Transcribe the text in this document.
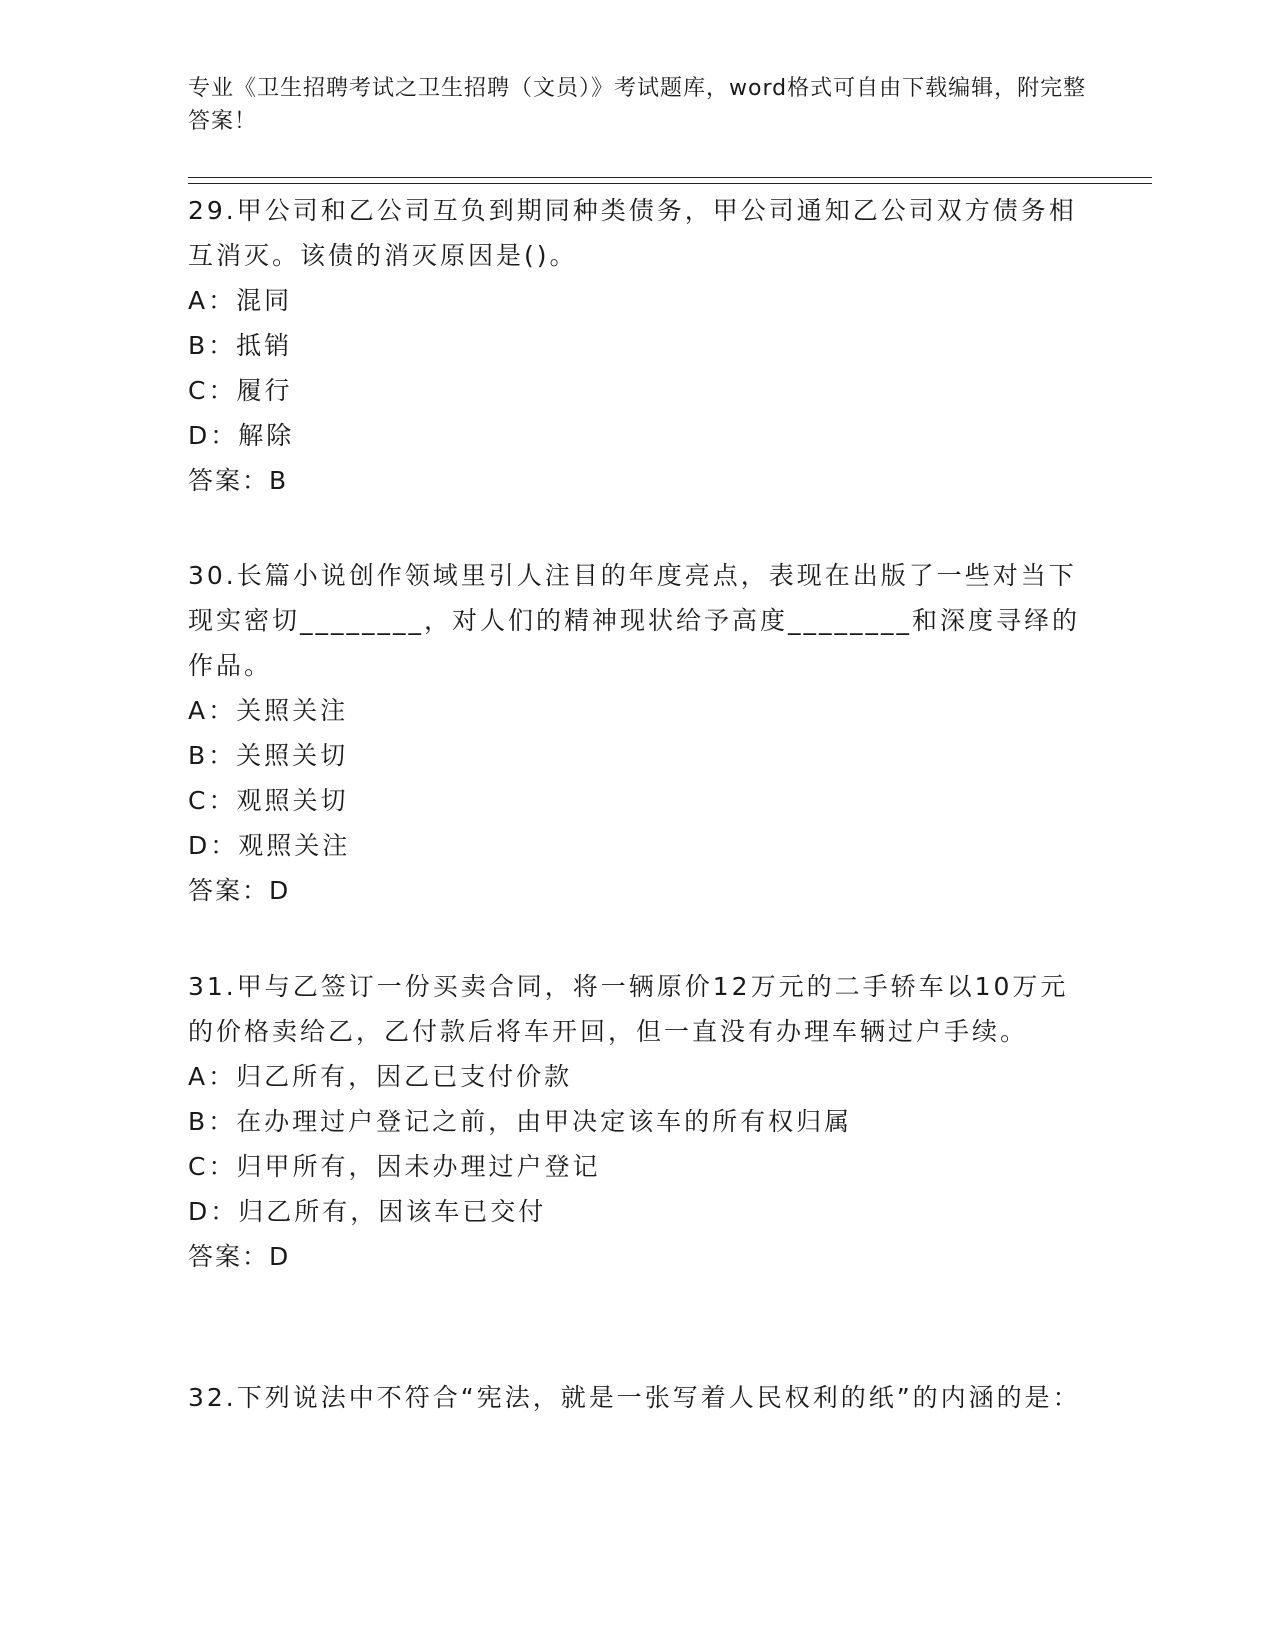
专业《卫生招聘考试之卫生招聘（文员）》考试题库，word格式可自由下载编辑，附完整答案！
29.甲公司和乙公司互负到期同种类债务，甲公司通知乙公司双方债务相互消灭。该债的消灭原因是()。
A：混同
B：抵销
C：履行
D：解除
答案：B
30.长篇小说创作领域里引人注目的年度亮点，表现在出版了一些对当下现实密切________，对人们的精神现状给予高度________和深度寻绎的作品。
A：关照关注
B：关照关切
C：观照关切
D：观照关注
答案：D
31.甲与乙签订一份买卖合同，将一辆原价12万元的二手轿车以10万元的价格卖给乙，乙付款后将车开回，但一直没有办理车辆过户手续。
A：归乙所有，因乙已支付价款
B：在办理过户登记之前，由甲决定该车的所有权归属
C：归甲所有，因未办理过户登记
D：归乙所有，因该车已交付
答案：D
32.下列说法中不符合“宪法，就是一张写着人民权利的纸”的内涵的是：
